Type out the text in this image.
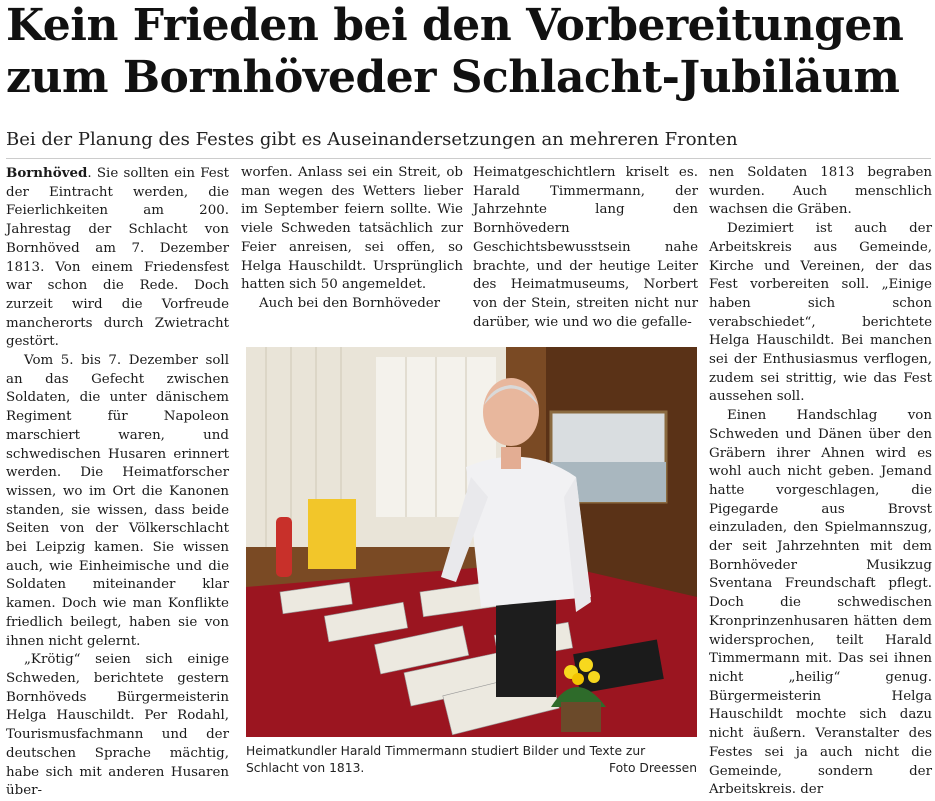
Kein Frieden bei den Vorbereitungen
zum Bornhöveder Schlacht-Jubiläum
Bei der Planung des Festes gibt es Auseinandersetzungen an mehreren Fronten

Bornhöved. Sie sollten ein Fest der Eintracht werden, die Feierlichkeiten am 200. Jahrestag der Schlacht von Bornhöved am 7. Dezember 1813. Von einem Friedensfest war schon die Rede. Doch zurzeit wird die Vorfreude mancherorts durch Zwietracht gestört.

Vom 5. bis 7. Dezember soll an das Gefecht zwischen Soldaten, die unter dänischem Regiment für Napoleon marschiert waren, und schwedischen Husaren erinnert werden. Die Heimatforscher wissen, wo im Ort die Kanonen standen, sie wissen, dass beide Seiten von der Völkerschlacht bei Leipzig kamen. Sie wissen auch, wie Einheimische und die Soldaten miteinander klar kamen. Doch wie man Konflikte friedlich beilegt, haben sie von ihnen nicht gelernt.

„Krötig“ seien sich einige Schweden, berichtete gestern Bornhöveds Bürgermeisterin Helga Hauschildt. Per Rodahl, Tourismusfachmann und der deutschen Sprache mächtig, habe sich mit anderen Husaren über-

worfen. Anlass sei ein Streit, ob man wegen des Wetters lieber im September feiern sollte. Wie viele Schweden tatsächlich zur Feier anreisen, sei offen, so Helga Hauschildt. Ursprünglich hatten sich 50 angemeldet.

Auch bei den Bornhöveder

Heimatgeschichtlern kriselt es. Harald Timmermann, der Jahrzehnte lang den Bornhövedern Geschichtsbewusstsein nahe brachte, und der heutige Leiter des Heimatmuseums, Norbert von der Stein, streiten nicht nur darüber, wie und wo die gefalle-

nen Soldaten 1813 begraben wurden. Auch menschlich wachsen die Gräben.

Dezimiert ist auch der Arbeitskreis aus Gemeinde, Kirche und Vereinen, der das Fest vorbereiten soll. „Einige haben sich schon verabschiedet“, berichtete Helga Hauschildt. Bei manchen sei der Enthusiasmus verflogen, zudem sei strittig, wie das Fest aussehen soll.

Einen Handschlag von Schweden und Dänen über den Gräbern ihrer Ahnen wird es wohl auch nicht geben. Jemand hatte vorgeschlagen, die Pigegarde aus Brovst einzuladen, den Spielmannszug, der seit Jahrzehnten mit dem Bornhöveder Musikzug Sventana Freundschaft pflegt. Doch die schwedischen Kronprinzenhusaren hätten dem widersprochen, teilt Harald Timmermann mit. Das sei ihnen nicht „heilig“ genug. Bürgermeisterin Helga Hauschildt mochte sich dazu nicht äußern. Veranstalter des Festes sei ja auch nicht die Gemeinde, sondern der Arbeitskreis. der

Heimatkundler Harald Timmermann studiert Bilder und Texte zur Schlacht von 1813.	Foto Dreessen
